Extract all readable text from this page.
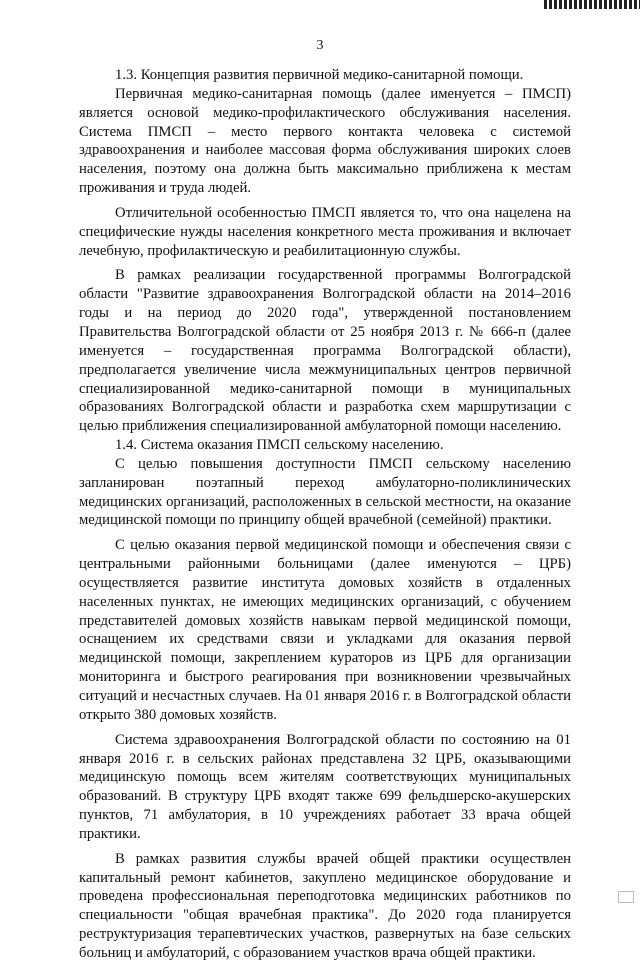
3

1.3. Концепция развития первичной медико-санитарной помощи.

Первичная медико-санитарная помощь (далее именуется – ПМСП) является основой медико-профилактического обслуживания населения. Система ПМСП – место первого контакта человека с системой здравоохранения и наиболее массовая форма обслуживания широких слоев населения, поэтому она должна быть максимально приближена к местам проживания и труда людей.

Отличительной особенностью ПМСП является то, что она нацелена на специфические нужды населения конкретного места проживания и включает лечебную, профилактическую и реабилитационную службы.

В рамках реализации государственной программы Волгоградской области "Развитие здравоохранения Волгоградской области на 2014–2016 годы и на период до 2020 года", утвержденной постановлением Правительства Волгоградской области от 25 ноября 2013 г. № 666-п (далее именуется – государственная программа Волгоградской области), предполагается увеличение числа межмуниципальных центров первичной специализированной медико-санитарной помощи в муниципальных образованиях Волгоградской области и разработка схем маршрутизации с целью приближения специализированной амбулаторной помощи населению.

1.4. Система оказания ПМСП сельскому населению.

С целью повышения доступности ПМСП сельскому населению запланирован поэтапный переход амбулаторно-поликлинических медицинских организаций, расположенных в сельской местности, на оказание медицинской помощи по принципу общей врачебной (семейной) практики.

С целью оказания первой медицинской помощи и обеспечения связи с центральными районными больницами (далее именуются – ЦРБ) осуществляется развитие института домовых хозяйств в отдаленных населенных пунктах, не имеющих медицинских организаций, с обучением представителей домовых хозяйств навыкам первой медицинской помощи, оснащением их средствами связи и укладками для оказания первой медицинской помощи, закреплением кураторов из ЦРБ для организации мониторинга и быстрого реагирования при возникновении чрезвычайных ситуаций и несчастных случаев. На 01 января 2016 г. в Волгоградской области открыто 380 домовых хозяйств.

Система здравоохранения Волгоградской области по состоянию на 01 января 2016 г. в сельских районах представлена 32 ЦРБ, оказывающими медицинскую помощь всем жителям соответствующих муниципальных образований. В структуру ЦРБ входят также 699 фельдшерско-акушерских пунктов, 71 амбулатория, в 10 учреждениях работает 33 врача общей практики.

В рамках развития службы врачей общей практики осуществлен капитальный ремонт кабинетов, закуплено медицинское оборудование и проведена профессиональная переподготовка медицинских работников по специальности "общая врачебная практика". До 2020 года планируется реструктуризация терапевтических участков, развернутых на базе сельских больниц и амбулаторий, с образованием участков врача общей практики.
